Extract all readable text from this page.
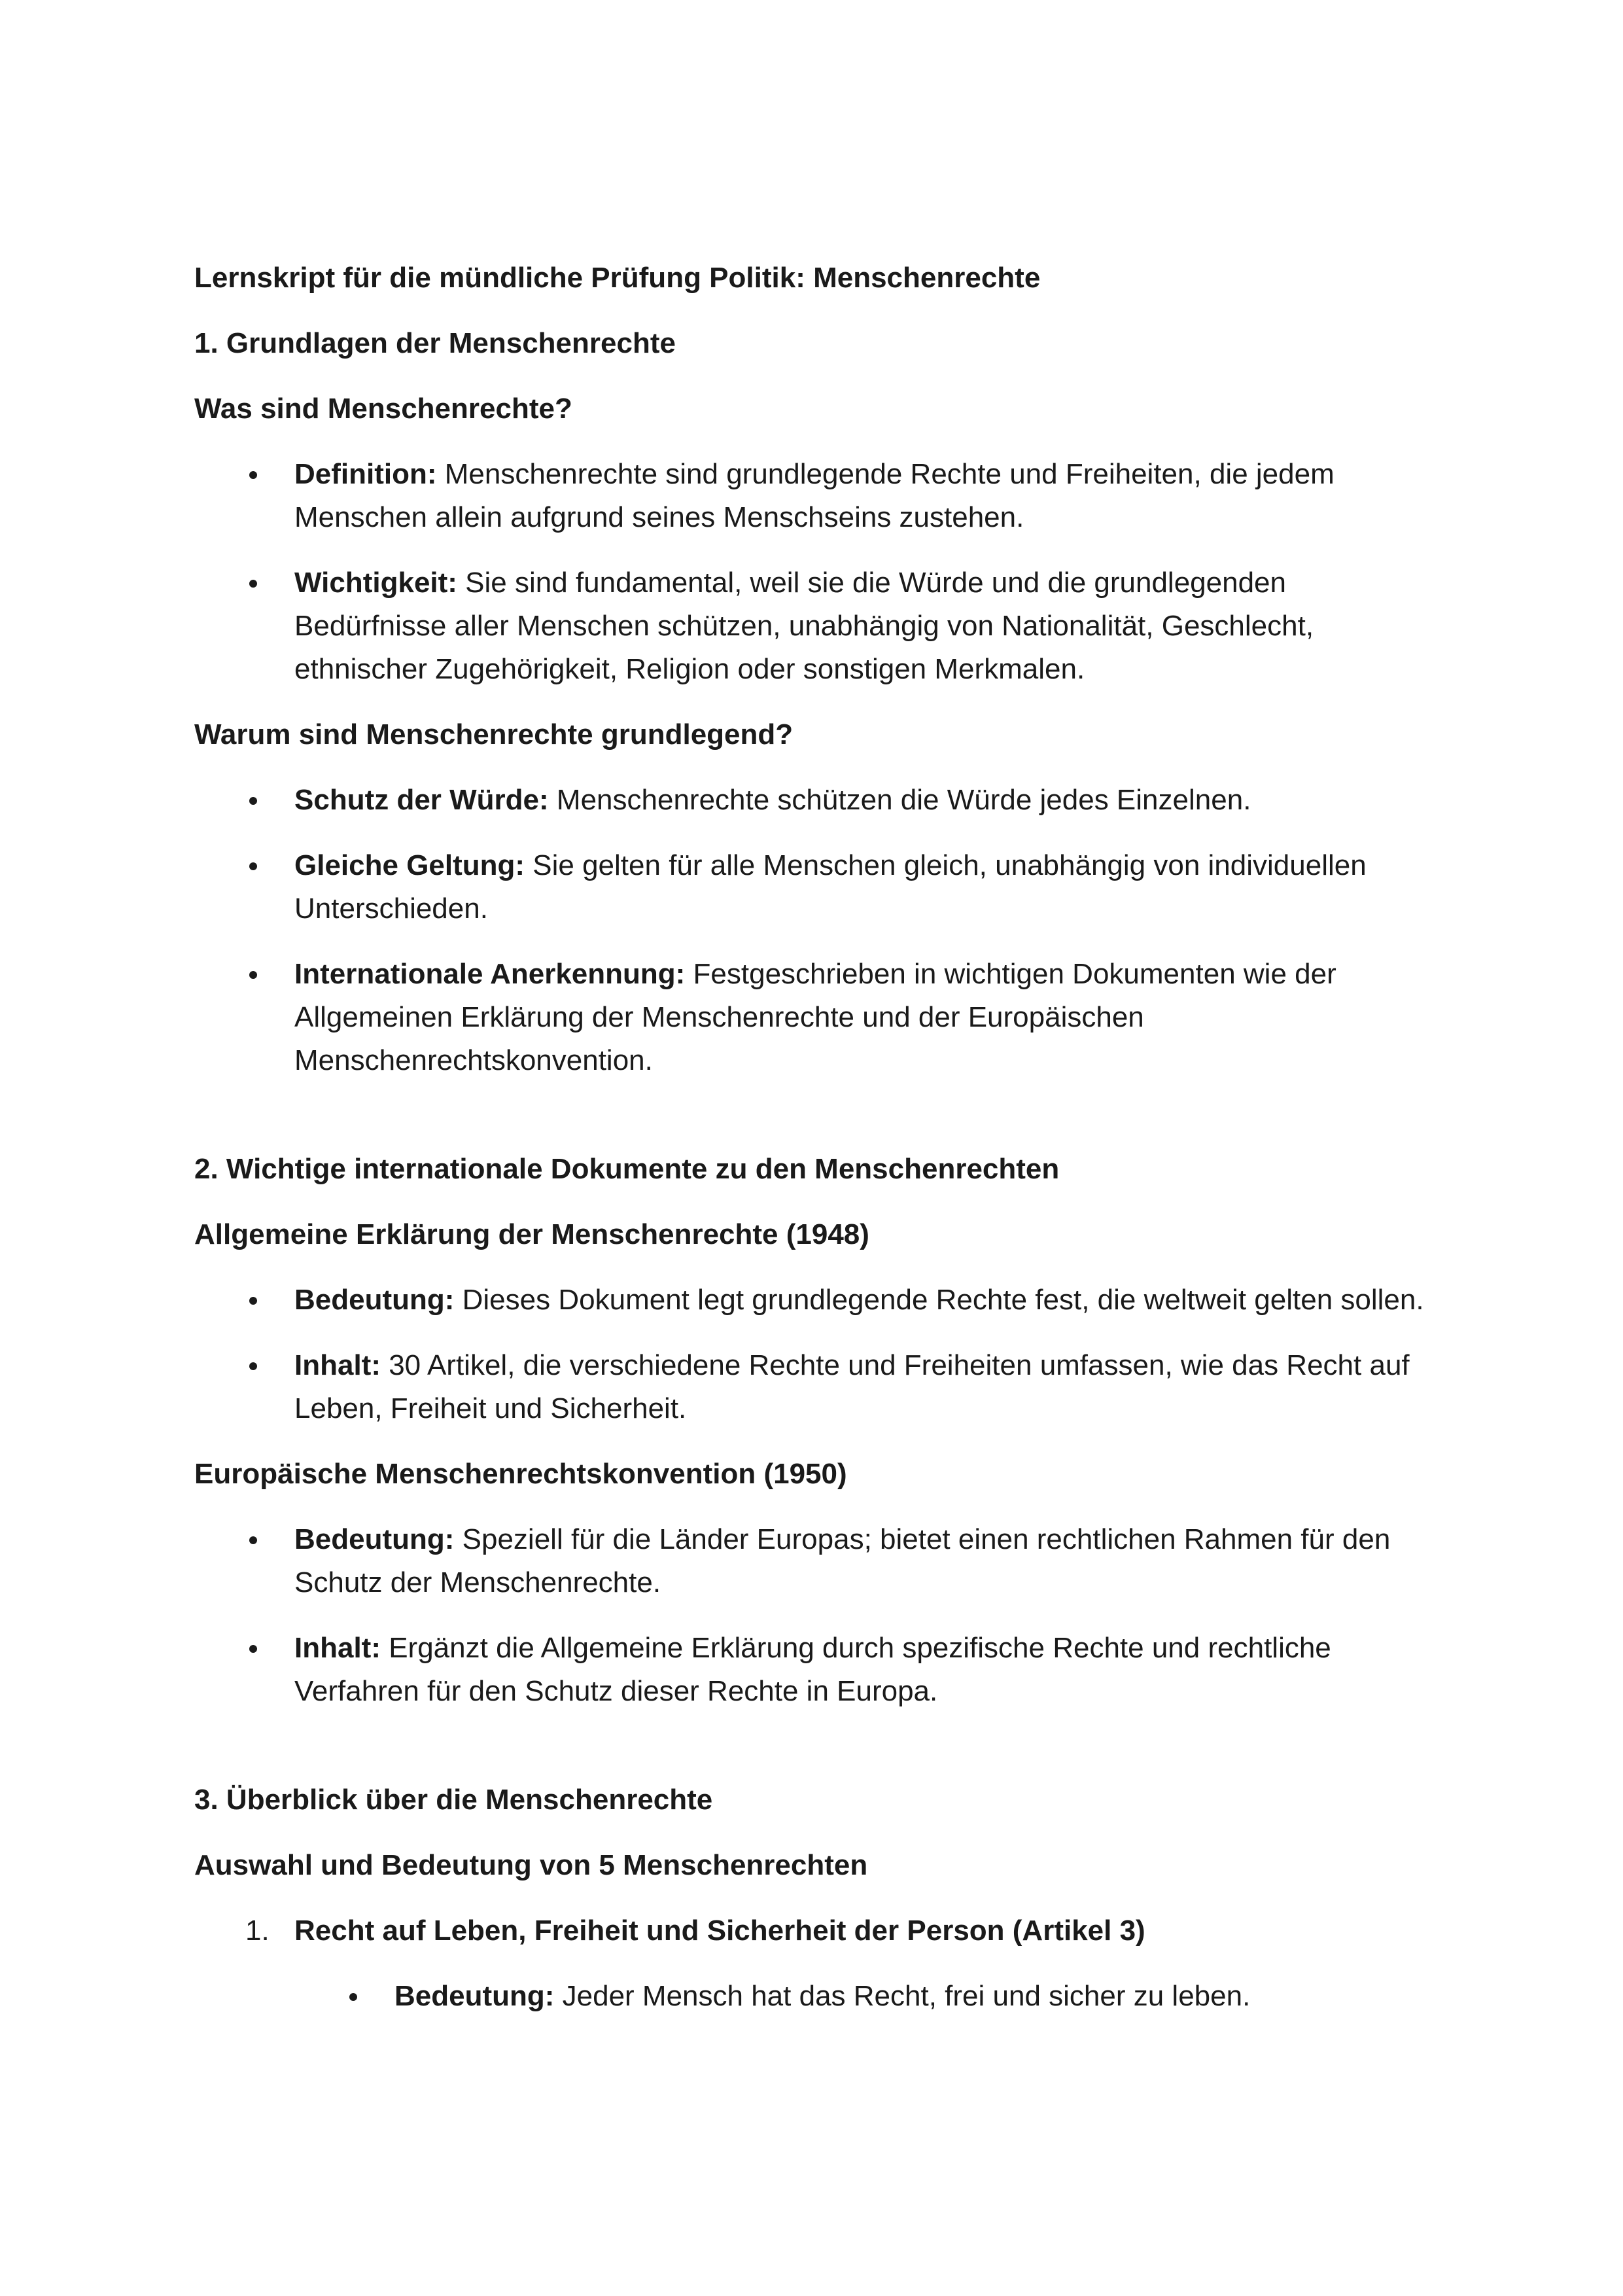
Lernskript für die mündliche Prüfung Politik: Menschenrechte
1. Grundlagen der Menschenrechte
Was sind Menschenrechte?
Definition: Menschenrechte sind grundlegende Rechte und Freiheiten, die jedem Menschen allein aufgrund seines Menschseins zustehen.
Wichtigkeit: Sie sind fundamental, weil sie die Würde und die grundlegenden Bedürfnisse aller Menschen schützen, unabhängig von Nationalität, Geschlecht, ethnischer Zugehörigkeit, Religion oder sonstigen Merkmalen.
Warum sind Menschenrechte grundlegend?
Schutz der Würde: Menschenrechte schützen die Würde jedes Einzelnen.
Gleiche Geltung: Sie gelten für alle Menschen gleich, unabhängig von individuellen Unterschieden.
Internationale Anerkennung: Festgeschrieben in wichtigen Dokumenten wie der Allgemeinen Erklärung der Menschenrechte und der Europäischen Menschenrechtskonvention.
2. Wichtige internationale Dokumente zu den Menschenrechten
Allgemeine Erklärung der Menschenrechte (1948)
Bedeutung: Dieses Dokument legt grundlegende Rechte fest, die weltweit gelten sollen.
Inhalt: 30 Artikel, die verschiedene Rechte und Freiheiten umfassen, wie das Recht auf Leben, Freiheit und Sicherheit.
Europäische Menschenrechtskonvention (1950)
Bedeutung: Speziell für die Länder Europas; bietet einen rechtlichen Rahmen für den Schutz der Menschenrechte.
Inhalt: Ergänzt die Allgemeine Erklärung durch spezifische Rechte und rechtliche Verfahren für den Schutz dieser Rechte in Europa.
3. Überblick über die Menschenrechte
Auswahl und Bedeutung von 5 Menschenrechten
1. Recht auf Leben, Freiheit und Sicherheit der Person (Artikel 3)
Bedeutung: Jeder Mensch hat das Recht, frei und sicher zu leben.
